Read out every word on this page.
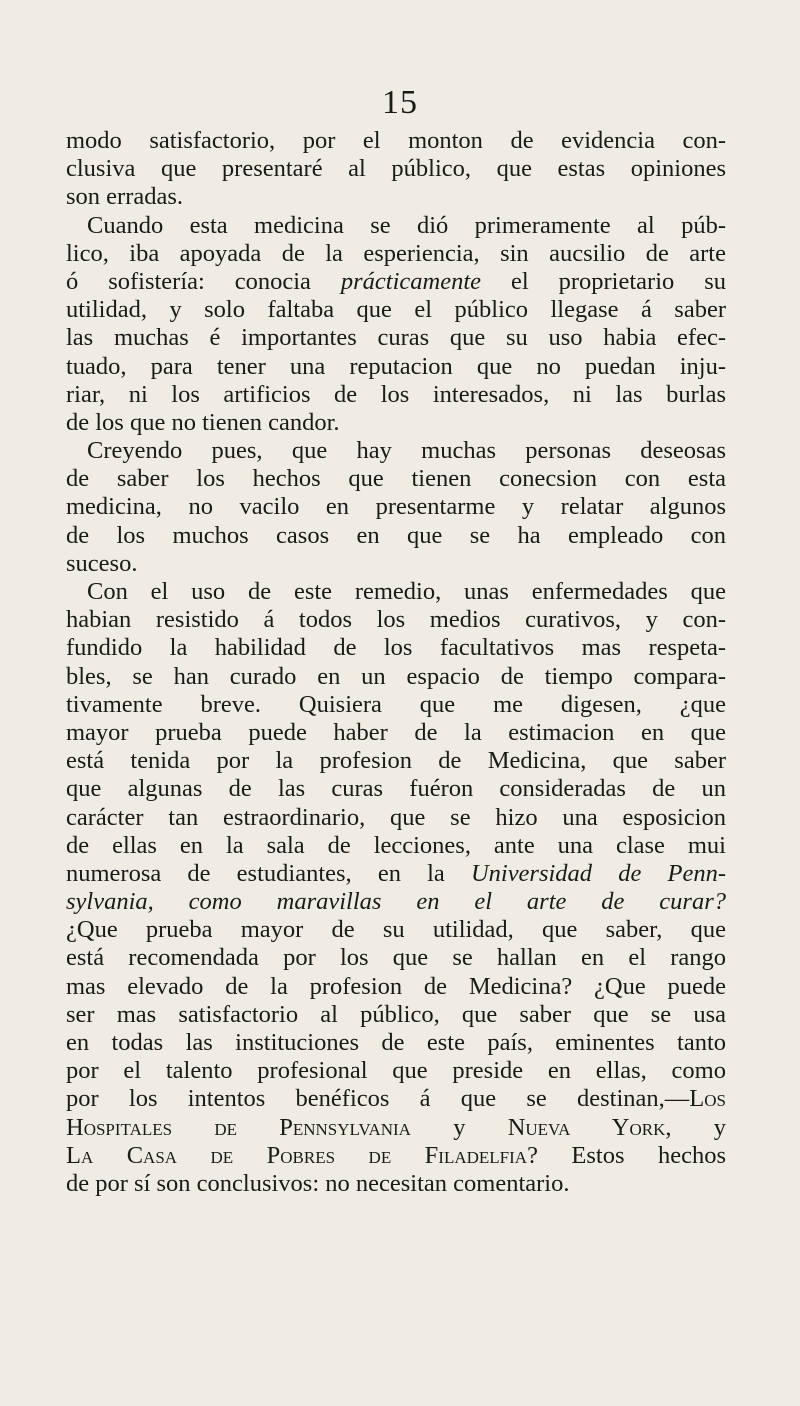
15
modo satisfactorio, por el monton de evidencia con-
clusiva que presentaré al público, que estas opiniones
son erradas.
Cuando esta medicina se dió primeramente al púb-
lico, iba apoyada de la esperiencia, sin aucsilio de arte
ó sofistería: conocia prácticamente el proprietario su
utilidad, y solo faltaba que el público llegase á saber
las muchas é importantes curas que su uso habia efec-
tuado, para tener una reputacion que no puedan inju-
riar, ni los artificios de los interesados, ni las burlas
de los que no tienen candor.
Creyendo pues, que hay muchas personas deseosas
de saber los hechos que tienen conecsion con esta
medicina, no vacilo en presentarme y relatar algunos
de los muchos casos en que se ha empleado con
suceso.
Con el uso de este remedio, unas enfermedades que
habian resistido á todos los medios curativos, y con-
fundido la habilidad de los facultativos mas respeta-
bles, se han curado en un espacio de tiempo compara-
tivamente breve. Quisiera que me digesen, ¿que
mayor prueba puede haber de la estimacion en que
está tenida por la profesion de Medicina, que saber
que algunas de las curas fuéron consideradas de un
carácter tan estraordinario, que se hizo una esposicion
de ellas en la sala de lecciones, ante una clase mui
numerosa de estudiantes, en la Universidad de Penn-
sylvania, como maravillas en el arte de curar?
¿Que prueba mayor de su utilidad, que saber, que
está recomendada por los que se hallan en el rango
mas elevado de la profesion de Medicina? ¿Que puede
ser mas satisfactorio al público, que saber que se usa
en todas las instituciones de este país, eminentes tanto
por el talento profesional que preside en ellas, como
por los intentos benéficos á que se destinan,—Los
Hospitales de Pennsylvania y Nueva York, y
La Casa de Pobres de Filadelfia? Estos hechos
de por sí son conclusivos: no necesitan comentario.
